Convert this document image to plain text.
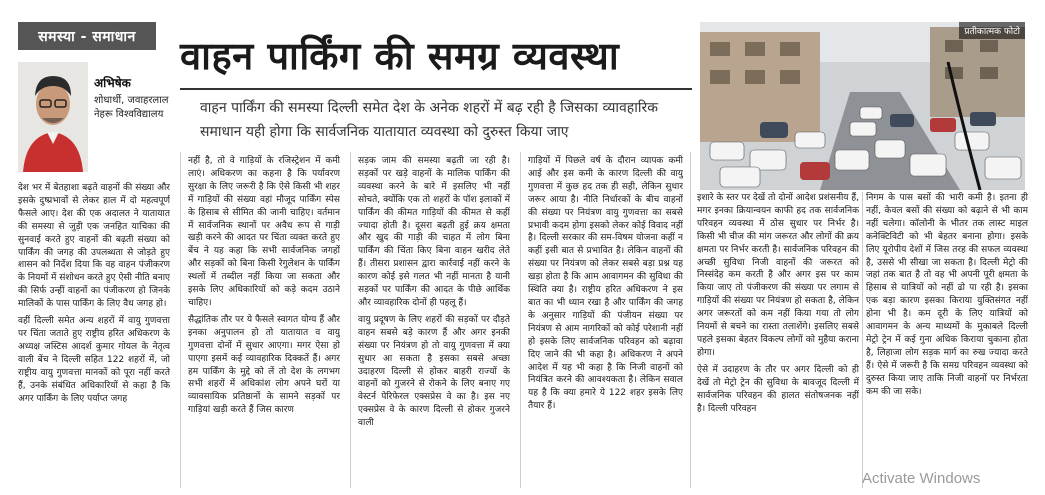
समस्या - समाधान
अभिषेक
शोधार्थी, जवाहरलाल नेहरू विश्वविद्यालय
वाहन पार्किंग की समग्र व्यवस्था
वाहन पार्किंग की समस्या दिल्ली समेत देश के अनेक शहरों में बढ़ रही है जिसका व्यावहारिक समाधान यही होगा कि सार्वजनिक यातायात व्यवस्था को दुरुस्त किया जाए
प्रतीकात्मक फोटो

देश भर में बेतहाशा बढ़ते वाहनों की संख्या और इसके दुष्प्रभावों से लेकर हाल में दो महत्वपूर्ण फैसले आए। देश की एक अदालत ने यातायात की समस्या से जुड़ी एक जनहित याचिका की सुनवाई करते हुए वाहनों की बढ़ती संख्या को पार्किंग की जगह की उपलब्धता से जोड़ते हुए शासन को निर्देश दिया कि वह वाहन पंजीकरण के नियमों में संशोधन करते हुए ऐसी नीति बनाए की सिर्फ उन्हीं वाहनों का पंजीकरण हो जिनके मालिकों के पास पार्किंग के लिए वैध जगह हो।

वहीं दिल्ली समेत अन्य शहरों में वायु गुणवत्ता पर चिंता जताते हुए राष्ट्रीय हरित अधिकरण के अध्यक्ष जस्टिस आदर्श कुमार गोयल के नेतृत्व वाली बेंच ने दिल्ली सहित 122 शहरों में, जो राष्ट्रीय वायु गुणवत्ता मानकों को पूरा नहीं करते हैं, उनके संबंधित अधिकारियों से कहा है कि अगर पार्किंग के लिए पर्याप्त जगह

नहीं है, तो वे गाड़ियों के रजिस्ट्रेशन में कमी लाएं। अधिकरण का कहना है कि पर्यावरण सुरक्षा के लिए जरूरी है कि ऐसे किसी भी शहर में गाड़ियों की संख्या वहां मौजूद पार्किंग स्पेस के हिसाब से सीमित की जानी चाहिए। वर्तमान में सार्वजनिक स्थानों पर अवैध रूप से गाड़ी खड़ी करने की आदत पर चिंता व्यक्त करते हुए बेंच ने यह कहा कि सभी सार्वजनिक जगहों और सड़कों को बिना किसी रेगुलेशन के पार्किंग स्थलों में तब्दील नहीं किया जा सकता और इसके लिए अधिकारियों को कड़े कदम उठाने चाहिए।

सैद्धांतिक तौर पर ये फैसले स्वागत योग्य हैं और इनका अनुपालन हो तो यातायात व वायु गुणवत्ता दोनों में सुधार आएगा। मगर ऐसा हो पाएगा इसमें कई व्यावहारिक दिक्कतें हैं। अगर हम पार्किंग के मुद्दे को लें तो देश के लगभग सभी शहरों में अधिकांश लोग अपने घरों या व्यावसायिक प्रतिष्ठानों के सामने सड़कों पर गाड़ियां खड़ी करते हैं जिस कारण

सड़क जाम की समस्या बढ़ती जा रही है। सड़कों पर खड़े वाहनों के मालिक पार्किंग की व्यवस्था करने के बारे में इसलिए भी नहीं सोचते, क्योंकि एक तो शहरों के पॉश इलाकों में पार्किंग की कीमत गाड़ियों की कीमत से कहीं ज्यादा होती है। दूसरा बढ़ती हुई क्रय क्षमता और खुद की गाड़ी की चाहत में लोग बिना पार्किंग की चिंता किए बिना वाहन खरीद लेते हैं। तीसरा प्रशासन द्वारा कार्रवाई नहीं करने के कारण कोई इसे गलत भी नहीं मानता है यानी सड़कों पर पार्किंग की आदत के पीछे आर्थिक और व्यावहारिक दोनों ही पहलू हैं।

वायु प्रदूषण के लिए शहरों की सड़कों पर दौड़ते वाहन सबसे बड़े कारण हैं और अगर इनकी संख्या पर नियंत्रण हो तो वायु गुणवत्ता में क्या सुधार आ सकता है इसका सबसे अच्छा उदाहरण दिल्ली से होकर बाहरी राज्यों के वाहनों को गुजरने से रोकने के लिए बनाए गए वेस्टर्न पेरिफेरल एक्सप्रेस वे का है। इस नए एक्सप्रेस वे के कारण दिल्ली से होकर गुजरने वाली

गाड़ियों में पिछले वर्ष के दौरान व्यापक कमी आई और इस कमी के कारण दिल्ली की वायु गुणवत्ता में कुछ हद तक ही सही, लेकिन सुधार जरूर आया है। नीति निर्धारकों के बीच वाहनों की संख्या पर नियंत्रण वायु गुणवत्ता का सबसे प्रभावी कदम होगा इसको लेकर कोई विवाद नहीं है। दिल्ली सरकार की सम-विषम योजना कहीं न कहीं इसी बात से प्रभावित है। लेकिन वाहनों की संख्या पर नियंत्रण को लेकर सबसे बड़ा प्रश्न यह खड़ा होता है कि आम आवागमन की सुविधा की स्थिति क्या है। राष्ट्रीय हरित अधिकरण ने इस बात का भी ध्यान रखा है और पार्किंग की जगह के अनुसार गाड़ियों की पंजीयन संख्या पर नियंत्रण से आम नागरिकों को कोई परेशानी नहीं हो इसके लिए सार्वजनिक परिवहन को बढ़ावा दिए जाने की भी कहा है। अधिकरण ने अपने आदेश में यह भी कहा है कि निजी वाहनों को नियंत्रित करने की आवश्यकता है। लेकिन सवाल यह है कि क्या हमारे ये 122 शहर इसके लिए तैयार हैं।

इशारे के स्तर पर देखें तो दोनों आदेश प्रशंसनीय हैं, मगर इनका क्रियान्वयन काफी हद तक सार्वजनिक परिवहन व्यवस्था में ठोस सुधार पर निर्भर है। किसी भी चीज की मांग जरूरत और लोगों की क्रय क्षमता पर निर्भर करती है। सार्वजनिक परिवहन की अच्छी सुविधा निजी वाहनों की जरूरत को निस्संदेह कम करती है और अगर इस पर काम किया जाए तो पंजीकरण की संख्या पर लगाम से गाड़ियों की संख्या पर नियंत्रण हो सकता है, लेकिन अगर जरूरतों को कम नहीं किया गया तो लोग नियमों से बचने का रास्ता तलाशेंगे। इसलिए सबसे पहले इसका बेहतर विकल्प लोगों को मुहैया कराना होगा।

ऐसे में उदाहरण के तौर पर अगर दिल्ली को ही देखें तो मेट्रो ट्रेन की सुविधा के बावजूद दिल्ली में सार्वजनिक परिवहन की हालत संतोषजनक नहीं है। दिल्ली परिवहन

निगम के पास बसों की भारी कमी है। इतना ही नहीं, केवल बसों की संख्या को बढ़ाने से भी काम नहीं चलेगा। कॉलोनी के भीतर तक लास्ट माइल कनेक्टिविटी को भी बेहतर बनाना होगा। इसके लिए यूरोपीय देशों में जिस तरह की सफल व्यवस्था है, उससे भी सीखा जा सकता है। दिल्ली मेट्रो की जहां तक बात है तो वह भी अपनी पूरी क्षमता के हिसाब से यात्रियों को नहीं ढो पा रही है। इसका एक बड़ा कारण इसका किराया युक्तिसंगत नहीं होना भी है। कम दूरी के लिए यात्रियों को आवागमन के अन्य माध्यमों के मुकाबले दिल्ली मेट्रो ट्रेन में कई गुना अधिक किराया चुकाना होता है, लिहाजा लोग सड़क मार्ग का रुख ज्यादा करते हैं। ऐसे में जरूरी है कि समग्र परिवहन व्यवस्था को दुरुस्त किया जाए ताकि निजी वाहनों पर निर्भरता कम की जा सके।

Activate Windows
